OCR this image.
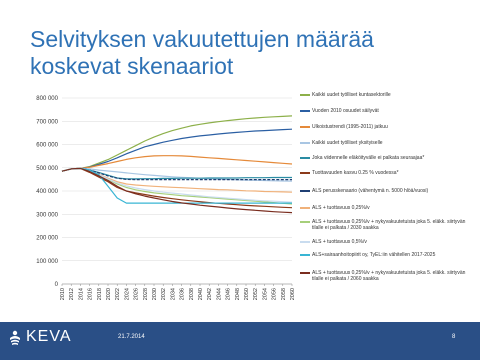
Selvityksen vakuutettujen määrää
koskevat skenaariot
0
100 000
200 000
300 000
400 000
500 000
600 000
700 000
800 000
2010 2012 2014 2016 2018 2020 2022 2024 2026 2028 2030 2032 2034 2036 2038 2040 2042 2044 2046 2048 2050 2052 2054 2056 2058 2060
Kaikki uudet työlliset kuntasektorille
Vuoden 2010 osuudet säilyvät
Ulkoistustrendi (1995-2011) jatkuu
Kaikki uudet työlliset yksityiselle
Joka viidennelle eläköityvälle ei palkata seuraajaa*
Tuottavuuden kasvu 0.25 % vuodessa*
ALS perusskenaario (vähentymä n. 5000 hlöä/vuosi)
ALS + tuottavuus 0,25%/v
ALS + tuottavuus 0,25%/v + nykyvakuutetuista joka 5. eläkk. siirtyvän tilalle ei palkata / 2030 saakka
ALS + tuottavuus 0,5%/v
ALS+sairaanhoitopiirit oy, TyEL:iin vähitellen 2017-2025
ALS + tuottavuus 0,25%/v + nykyvakuutetuista joka 5. eläkk. siirtyvän tilalle ei palkata / 2060 saakka
KEVA	21.7.2014	8
